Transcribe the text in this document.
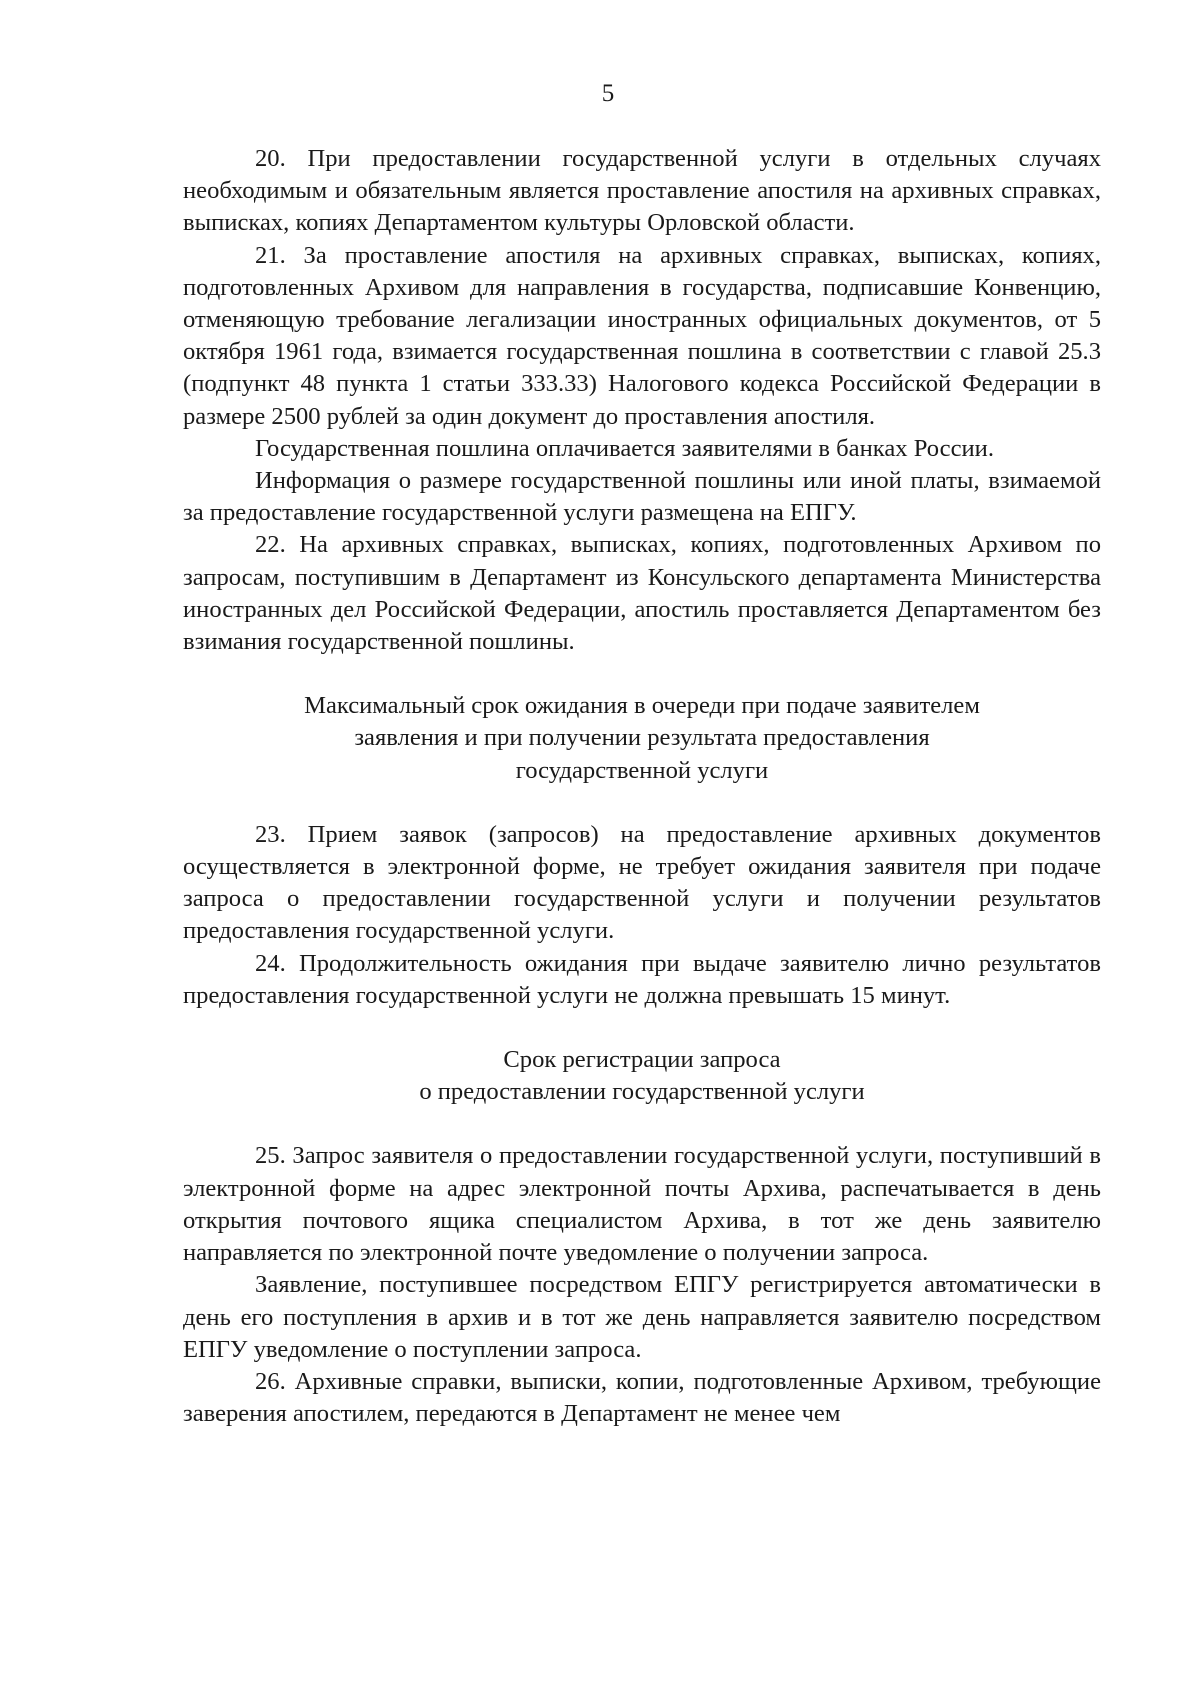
5

20. При предоставлении государственной услуги в отдельных случаях необходимым и обязательным является проставление апостиля на архивных справках, выписках, копиях Департаментом культуры Орловской области.

21. За проставление апостиля на архивных справках, выписках, копиях, подготовленных Архивом для направления в государства, подписавшие Конвенцию, отменяющую требование легализации иностранных официальных документов, от 5 октября 1961 года, взимается государственная пошлина в соответствии с главой 25.3 (подпункт 48 пункта 1 статьи 333.33) Налогового кодекса Российской Федерации в размере 2500 рублей за один документ до проставления апостиля.

Государственная пошлина оплачивается заявителями в банках России.

Информация о размере государственной пошлины или иной платы, взимаемой за предоставление государственной услуги размещена на ЕПГУ.

22. На архивных справках, выписках, копиях, подготовленных Архивом по запросам, поступившим в Департамент из Консульского департамента Министерства иностранных дел Российской Федерации, апостиль проставляется Департаментом без взимания государственной пошлины.

Максимальный срок ожидания в очереди при подаче заявителем
заявления и при получении результата предоставления
государственной услуги

23. Прием заявок (запросов) на предоставление архивных документов осуществляется в электронной форме, не требует ожидания заявителя при подаче запроса о предоставлении государственной услуги и получении результатов предоставления государственной услуги.

24. Продолжительность ожидания при выдаче заявителю лично результатов предоставления государственной услуги не должна превышать 15 минут.

Срок регистрации запроса
о предоставлении государственной услуги

25. Запрос заявителя о предоставлении государственной услуги, поступивший в электронной форме на адрес электронной почты Архива, распечатывается в день открытия почтового ящика специалистом Архива, в тот же день заявителю направляется по электронной почте уведомление о получении запроса.

Заявление, поступившее посредством ЕПГУ регистрируется автоматически в день его поступления в архив и в тот же день направляется заявителю посредством ЕПГУ уведомление о поступлении запроса.

26. Архивные справки, выписки, копии, подготовленные Архивом, требующие заверения апостилем, передаются в Департамент не менее чем
